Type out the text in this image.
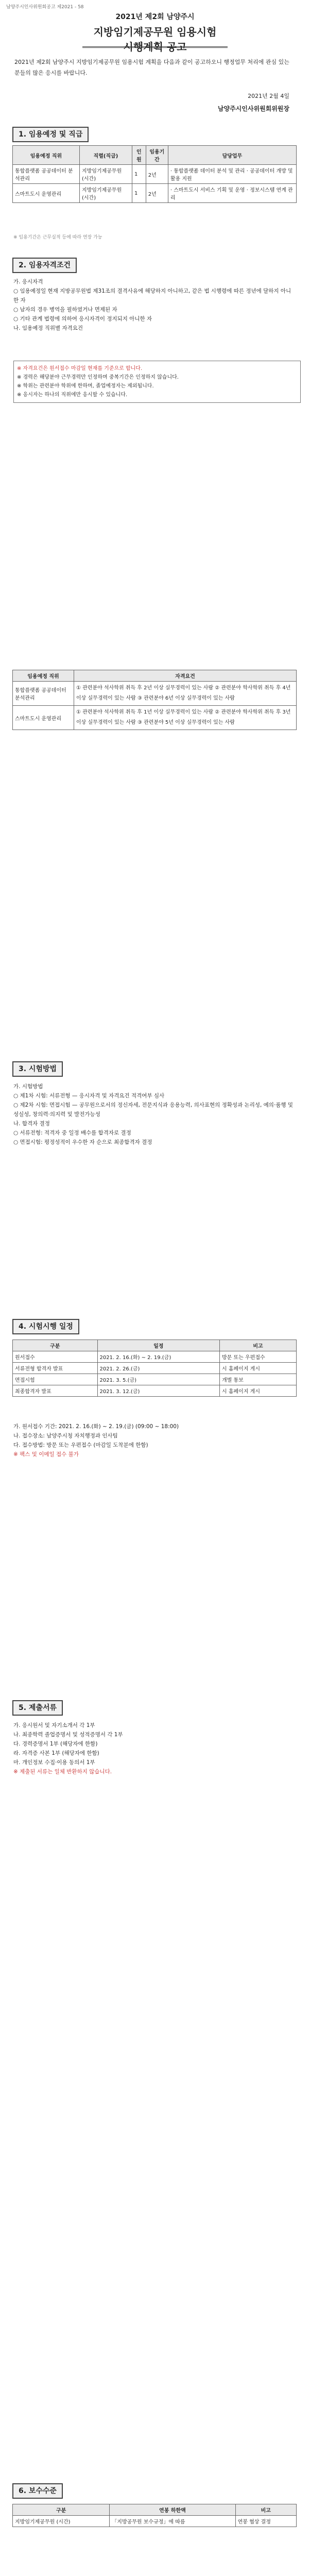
남양주시인사위원회공고 제2021 - 58
2021년 제2회 남양주시
지방임기제공무원 임용시험 시행계획 공고
2021년 제2회 남양주시 지방임기제공무원 임용시험 계획을 다음과 같이 공고하오니 행정업무 처리에 관심 있는 분들의 많은 응시를 바랍니다.
2021년 2월 4일
남양주시인사위원회위원장
1. 임용예정 및 직급
임용예정 직위	직렬(직급)	인원	임용기간	담당업무
통합플랫폼 공공데이터 분석관리	지방임기제공무원 (시간)	1	2년	· 통합플랫폼 데이터 분석 및 관리 · 공공데이터 개방 및 활용 지원
스마트도시 운영관리	지방임기제공무원 (시간)	1	2년	· 스마트도시 서비스 기획 및 운영 · 정보시스템 연계 관리
※ 임용기간은 근무실적 등에 따라 연장 가능
2. 임용자격조건
가. 응시자격
○ 임용예정일 현재 지방공무원법 제31조의 결격사유에 해당하지 아니하고, 같은 법 시행령에 따른 정년에 달하지 아니한 자
○ 남자의 경우 병역을 필하였거나 면제된 자
○ 기타 관계 법령에 의하여 응시자격이 정지되지 아니한 자
나. 임용예정 직위별 자격요건
※ 자격요건은 원서접수 마감일 현재를 기준으로 합니다.
※ 경력은 해당분야 근무경력만 인정하며 중복기간은 인정하지 않습니다.
※ 학위는 관련분야 학위에 한하며, 졸업예정자는 제외됩니다.
※ 응시자는 하나의 직위에만 응시할 수 있습니다.
임용예정 직위	자격요건
통합플랫폼 공공데이터 분석관리	① 관련분야 석사학위 취득 후 2년 이상 실무경력이 있는 사람 ② 관련분야 학사학위 취득 후 4년 이상 실무경력이 있는 사람 ③ 관련분야 6년 이상 실무경력이 있는 사람
스마트도시 운영관리	① 관련분야 석사학위 취득 후 1년 이상 실무경력이 있는 사람 ② 관련분야 학사학위 취득 후 3년 이상 실무경력이 있는 사람 ③ 관련분야 5년 이상 실무경력이 있는 사람
3. 시험방법
가. 시험방법
○ 제1차 시험: 서류전형 — 응시자격 및 자격요건 적격여부 심사
○ 제2차 시험: 면접시험 — 공무원으로서의 정신자세, 전문지식과 응용능력, 의사표현의 정확성과 논리성, 예의·품행 및 성실성, 창의력·의지력 및 발전가능성
나. 합격자 결정
○ 서류전형: 적격자 중 일정 배수를 합격자로 결정
○ 면접시험: 평정성적이 우수한 자 순으로 최종합격자 결정
4. 시험시행 일정
구분	일정	비고
원서접수	2021. 2. 16.(화) ~ 2. 19.(금)	방문 또는 우편접수
서류전형 합격자 발표	2021. 2. 26.(금)	시 홈페이지 게시
면접시험	2021. 3. 5.(금)	개별 통보
최종합격자 발표	2021. 3. 12.(금)	시 홈페이지 게시
가. 원서접수 기간: 2021. 2. 16.(화) ~ 2. 19.(금) (09:00 ~ 18:00)
나. 접수장소: 남양주시청 자치행정과 인사팀
다. 접수방법: 방문 또는 우편접수 (마감일 도착분에 한함)
※ 팩스 및 이메일 접수 불가
5. 제출서류
가. 응시원서 및 자기소개서 각 1부
나. 최종학력 졸업증명서 및 성적증명서 각 1부
다. 경력증명서 1부 (해당자에 한함)
라. 자격증 사본 1부 (해당자에 한함)
마. 개인정보 수집·이용 동의서 1부
※ 제출된 서류는 일체 반환하지 않습니다.
6. 보수수준
구분	연봉 하한액	비고
지방임기제공무원 (시간)	「지방공무원 보수규정」에 따름	연봉 협상 결정
